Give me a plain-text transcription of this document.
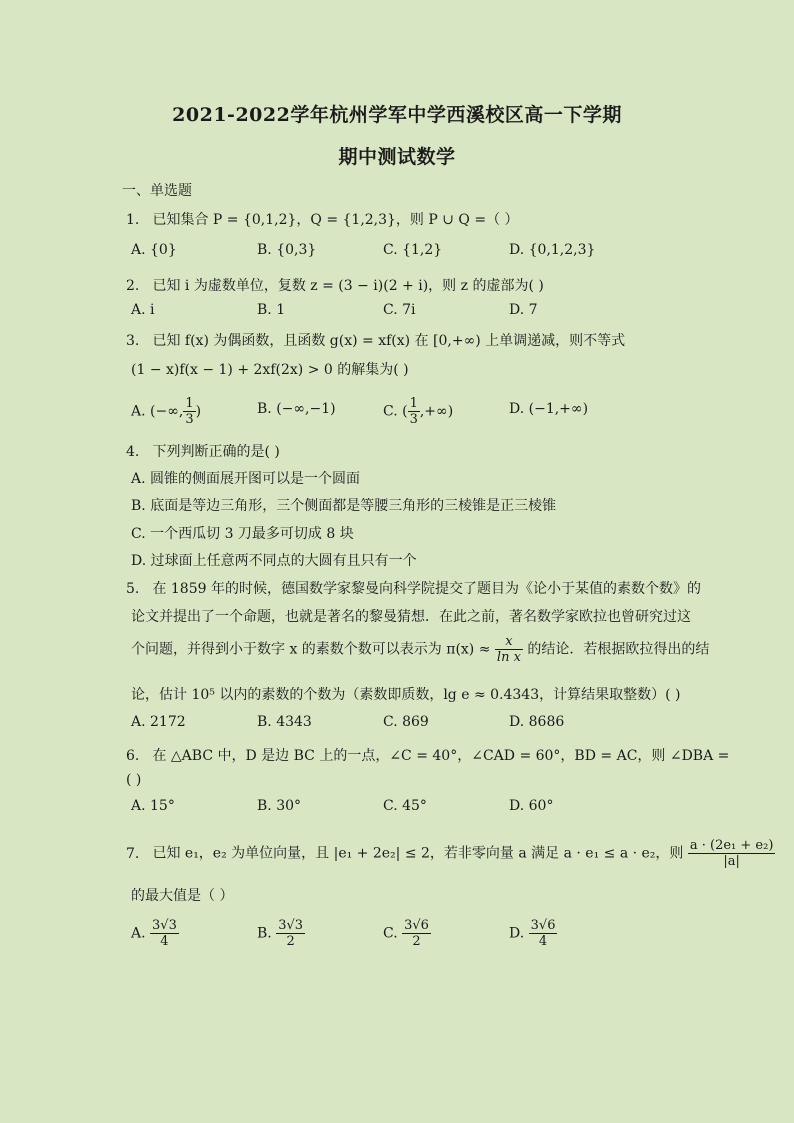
2021-2022学年杭州学军中学西溪校区高一下学期
期中测试数学
一、单选题
1. 已知集合 P = {0,1,2}，Q = {1,2,3}，则 P ∪ Q =（ ）
A. {0}	B. {0,3}	C. {1,2}	D. {0,1,2,3}
2. 已知 i 为虚数单位，复数 z = (3 − i)(2 + i)，则 z 的虚部为( )
A. i	B. 1	C. 7i	D. 7
3. 已知 f(x) 为偶函数，且函数 g(x) = xf(x) 在 [0,+∞) 上单调递减，则不等式
(1 − x)f(x − 1) + 2xf(2x) > 0 的解集为( )
A. (−∞, $\frac{1}{3}$ )	B. (−∞,−1)	C. ( $\frac{1}{3}$ ,+∞)	D. (−1,+∞)
4. 下列判断正确的是( )
A. 圆锥的侧面展开图可以是一个圆面
B. 底面是等边三角形，三个侧面都是等腰三角形的三棱锥是正三棱锥
C. 一个西瓜切 3 刀最多可切成 8 块
D. 过球面上任意两不同点的大圆有且只有一个
5. 在 1859 年的时候，德国数学家黎曼向科学院提交了题目为《论小于某值的素数个数》的
论文并提出了一个命题，也就是著名的黎曼猜想．在此之前，著名数学家欧拉也曾研究过这
个问题，并得到小于数字 x 的素数个数可以表示为 $\pi(x) \approx \frac{x}{\text{ln x}}$ 的结论．若根据欧拉得出的结
论，估计 10⁵ 以内的素数的个数为（素数即质数，lg e ≈ 0.4343，计算结果取整数）( )
A. 2172	B. 4343	C. 869	D. 8686
6. 在 △ABC 中，D 是边 BC 上的一点，∠C = 40°，∠CAD = 60°，BD = AC，则 ∠DBA =
( )
A. 15°	B. 30°	C. 45°	D. 60°
7. 已知 e₁，e₂ 为单位向量，且 |e₁ + 2e₂| ≤ 2，若非零向量 a 满足 a · e₁ ≤ a · e₂，则 $\frac{\text{a · (2e₁ + e₂)}}{|a|}$
的最大值是（ ）
A. $\frac{3√3}{4}$	B. $\frac{3√3}{2}$	C. $\frac{3√6}{2}$	D. $\frac{3√6}{4}$
